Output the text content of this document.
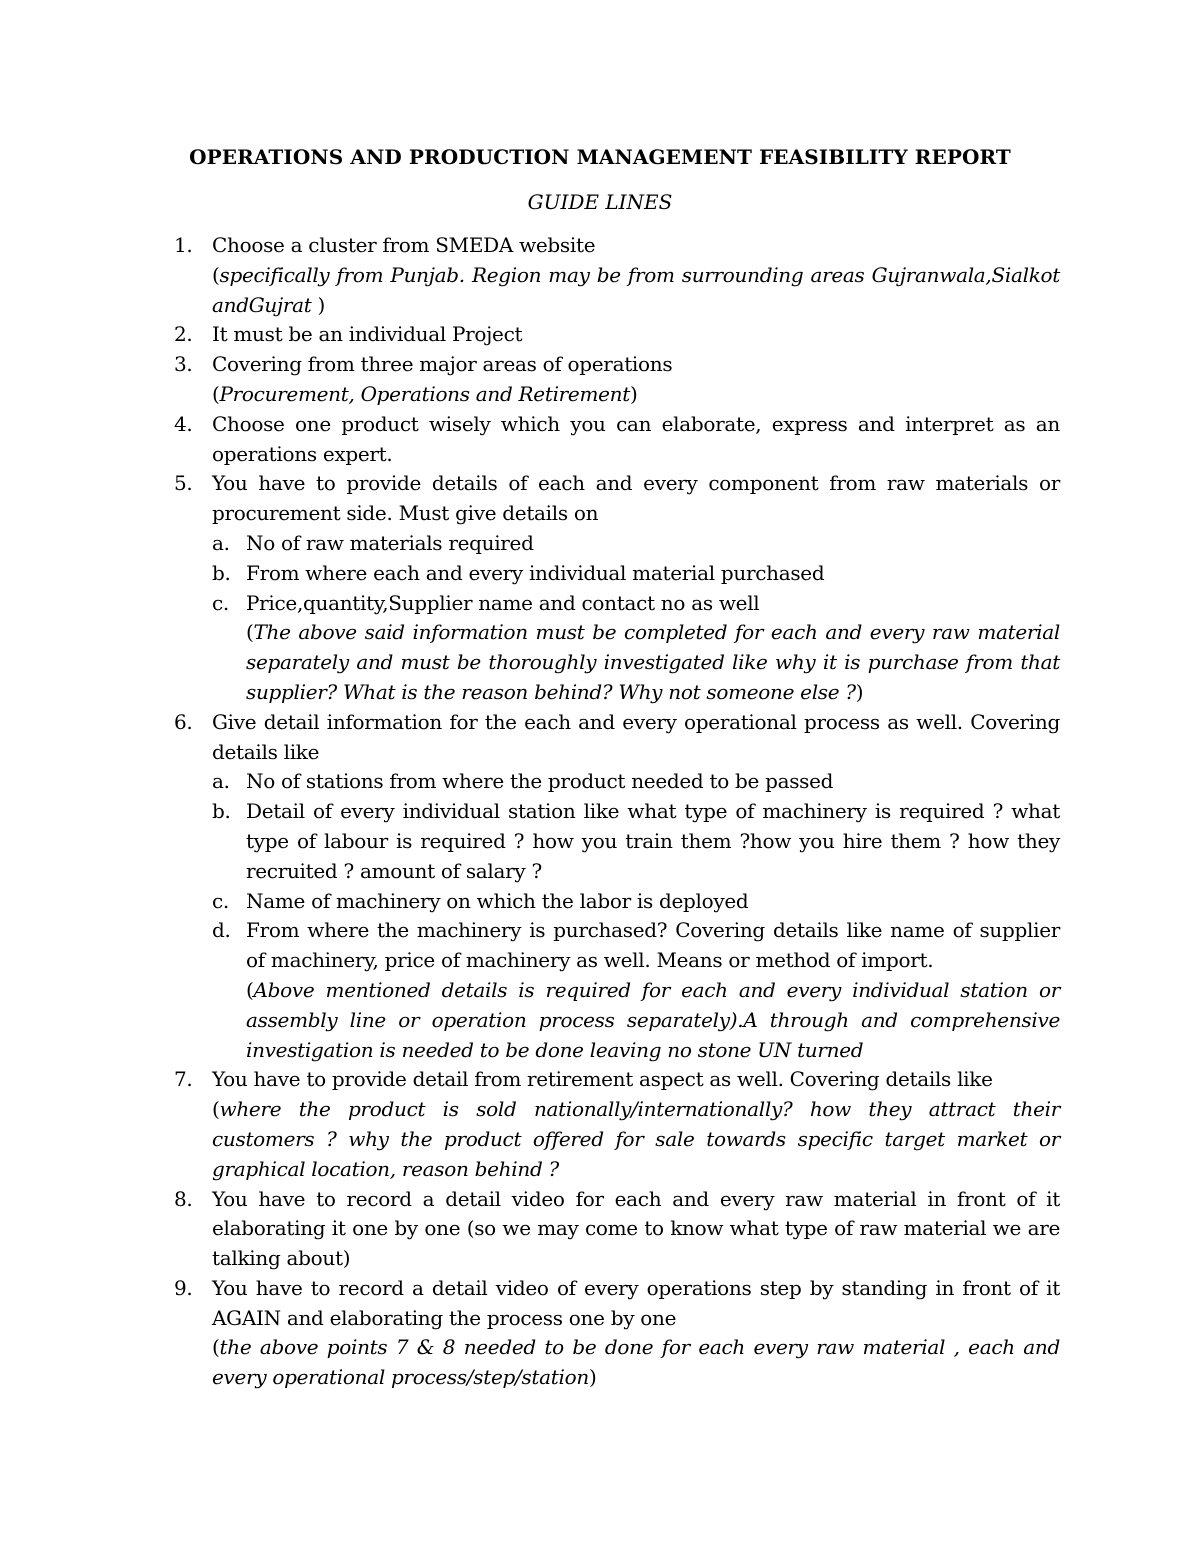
OPERATIONS AND PRODUCTION MANAGEMENT FEASIBILITY REPORT
GUIDE LINES
1. Choose a cluster from SMEDA website
(specifically from Punjab. Region may be from surrounding areas Gujranwala,Sialkot andGujrat )
2. It must be an individual Project
3. Covering from three major areas of operations
(Procurement, Operations and Retirement)
4. Choose one product wisely which you can elaborate, express and interpret as an operations expert.
5. You have to provide details of each and every component from raw materials or procurement side. Must give details on
a. No of raw materials required
b. From where each and every individual material purchased
c. Price,quantity,Supplier name and contact no as well
(The above said information must be completed for each and every raw material separately and must be thoroughly investigated like why it is purchase from that supplier? What is the reason behind? Why not someone else ?)
6. Give detail information for the each and every operational process as well. Covering details like
a. No of stations from where the product needed to be passed
b. Detail of every individual station like what type of machinery is required ? what type of labour is required ? how you train them ?how you hire them ? how they recruited ? amount of salary ?
c. Name of machinery on which the labor is deployed
d. From where the machinery is purchased? Covering details like name of supplier of machinery, price of machinery as well. Means or method of import.
(Above mentioned details is required for each and every individual station or assembly line or operation process separately).A through and comprehensive investigation is needed to be done leaving no stone UN turned
7. You have to provide detail from retirement aspect as well. Covering details like
(where the product is sold nationally/internationally? how they attract their customers ? why the product offered for sale towards specific target market or graphical location, reason behind ?
8. You have to record a detail video for each and every raw material in front of it elaborating it one by one (so we may come to know what type of raw material we are talking about)
9. You have to record a detail video of every operations step by standing in front of it AGAIN and elaborating the process one by one
(the above points 7 & 8 needed to be done for each every raw material , each and every operational process/step/station)
